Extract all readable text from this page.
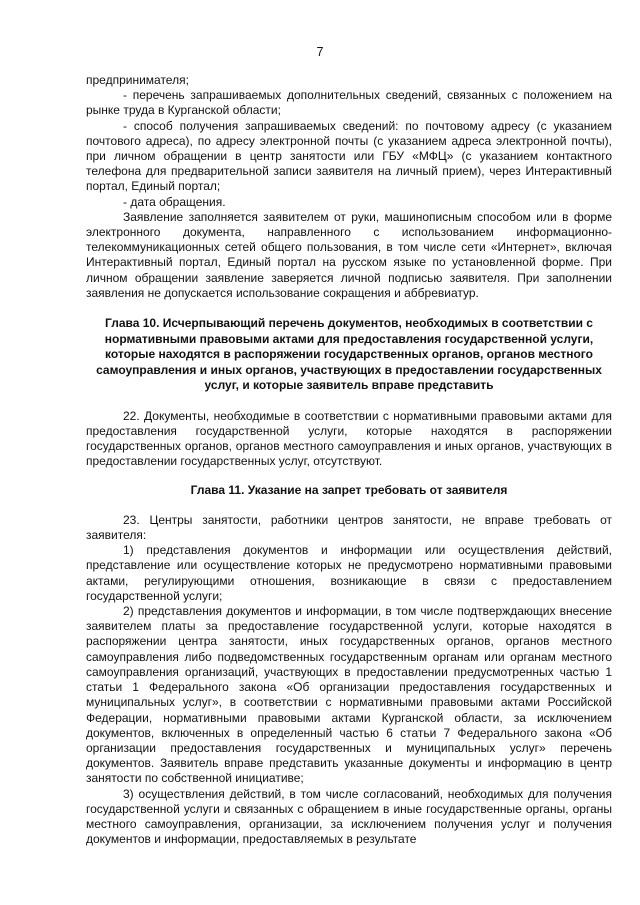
7

предпринимателя;

- перечень запрашиваемых дополнительных сведений, связанных с положением на рынке труда в Курганской области;

- способ получения запрашиваемых сведений: по почтовому адресу (с указанием почтового адреса), по адресу электронной почты (с указанием адреса электронной почты), при личном обращении в центр занятости или ГБУ «МФЦ» (с указанием контактного телефона для предварительной записи заявителя на личный прием), через Интерактивный портал, Единый портал;

- дата обращения.

Заявление заполняется заявителем от руки, машинописным способом или в форме электронного документа, направленного с использованием информационно-телекоммуникационных сетей общего пользования, в том числе сети «Интернет», включая Интерактивный портал, Единый портал на русском языке по установленной форме. При личном обращении заявление заверяется личной подписью заявителя. При заполнении заявления не допускается использование сокращения и аббревиатур.

Глава 10. Исчерпывающий перечень документов, необходимых в соответствии с нормативными правовыми актами для предоставления государственной услуги, которые находятся в распоряжении государственных органов, органов местного самоуправления и иных органов, участвующих в предоставлении государственных услуг, и которые заявитель вправе представить

22. Документы, необходимые в соответствии с нормативными правовыми актами для предоставления государственной услуги, которые находятся в распоряжении государственных органов, органов местного самоуправления и иных органов, участвующих в предоставлении государственных услуг, отсутствуют.

Глава 11. Указание на запрет требовать от заявителя

23. Центры занятости, работники центров занятости, не вправе требовать от заявителя:

1) представления документов и информации или осуществления действий, представление или осуществление которых не предусмотрено нормативными правовыми актами, регулирующими отношения, возникающие в связи с предоставлением государственной услуги;

2) представления документов и информации, в том числе подтверждающих внесение заявителем платы за предоставление государственной услуги, которые находятся в распоряжении центра занятости, иных государственных органов, органов местного самоуправления либо подведомственных государственным органам или органам местного самоуправления организаций, участвующих в предоставлении предусмотренных частью 1 статьи 1 Федерального закона «Об организации предоставления государственных и муниципальных услуг», в соответствии с нормативными правовыми актами Российской Федерации, нормативными правовыми актами Курганской области, за исключением документов, включенных в определенный частью 6 статьи 7 Федерального закона «Об организации предоставления государственных и муниципальных услуг» перечень документов. Заявитель вправе представить указанные документы и информацию в центр занятости по собственной инициативе;

3) осуществления действий, в том числе согласований, необходимых для получения государственной услуги и связанных с обращением в иные государственные органы, органы местного самоуправления, организации, за исключением получения услуг и получения документов и информации, предоставляемых в результате
